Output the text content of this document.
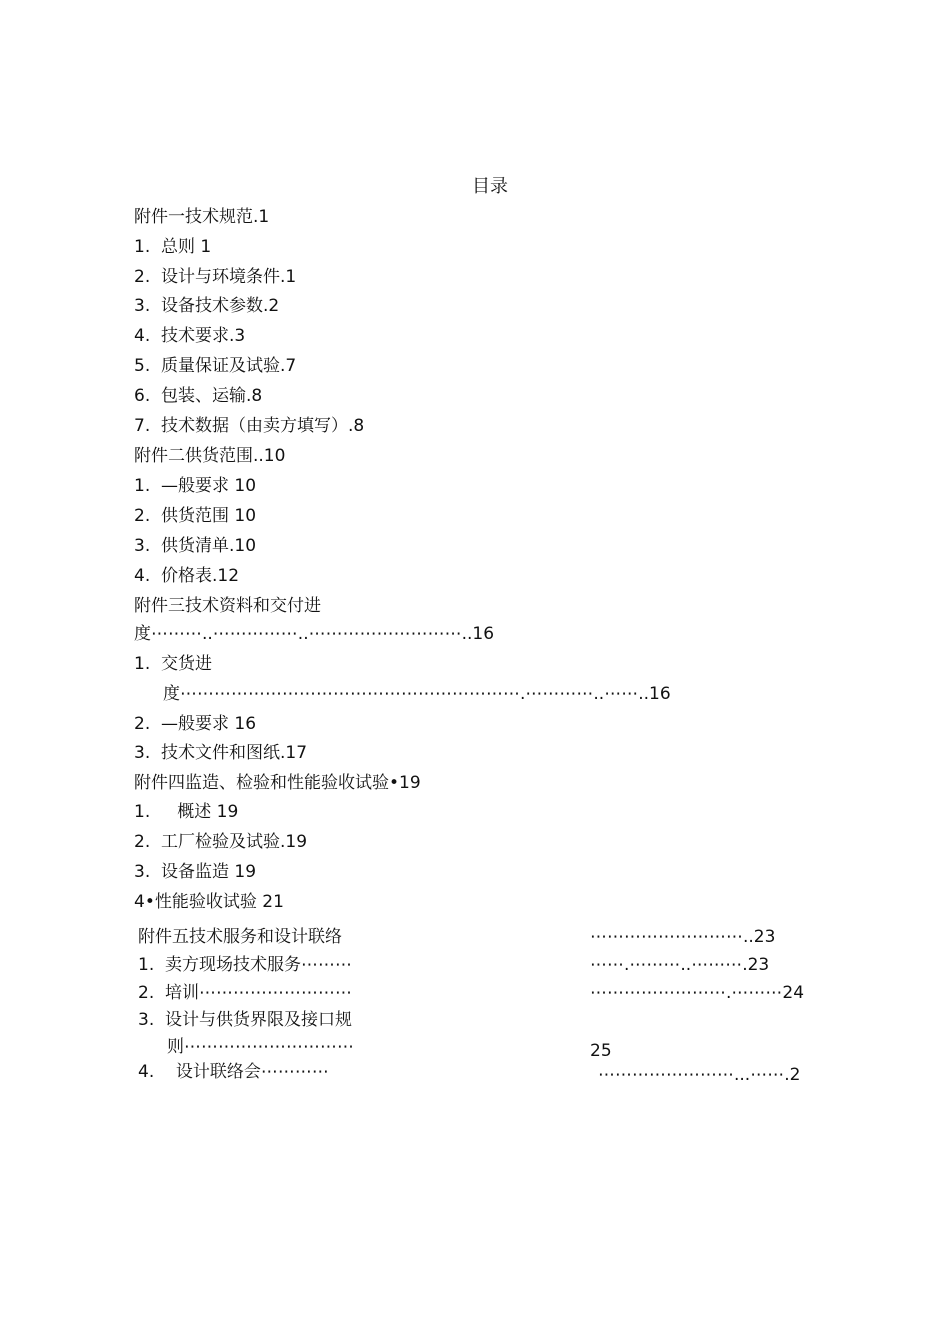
目录
附件一技术规范.1
1.  总则 1
2.  设计与环境条件.1
3.  设备技术参数.2
4.  技术要求.3
5.  质量保证及试验.7
6.  包装、运输.8
7.  技术数据（由卖方填写）.8
附件二供货范围..10
1.  —般要求 10
2.  供货范围 10
3.  供货清单.10
4.  价格表.12
附件三技术资料和交付进
度⋯⋯⋯..⋯⋯⋯⋯⋯..⋯⋯⋯⋯⋯⋯⋯⋯⋯..16
1.  交货进
度⋯⋯⋯⋯⋯⋯⋯⋯⋯⋯⋯⋯⋯⋯⋯⋯⋯⋯⋯⋯.⋯⋯⋯⋯..⋯⋯..16
2.  —般要求 16
3.  技术文件和图纸.17
附件四监造、检验和性能验收试验•19
1.     概述 19
2.  工厂检验及试验.19
3.  设备监造 19
4•性能验收试验 21
附件五技术服务和设计联络	⋯⋯⋯⋯⋯⋯⋯⋯⋯..23
1.  卖方现场技术服务⋯⋯⋯	⋯⋯.⋯⋯⋯..⋯⋯⋯.23
2.  培训⋯⋯⋯⋯⋯⋯⋯⋯⋯	⋯⋯⋯⋯⋯⋯⋯⋯.⋯⋯⋯24
3.  设计与供货界限及接口规
则⋯⋯⋯⋯⋯⋯⋯⋯⋯⋯	25
4.    设计联络会⋯⋯⋯⋯	⋯⋯⋯⋯⋯⋯⋯⋯...⋯⋯.2
